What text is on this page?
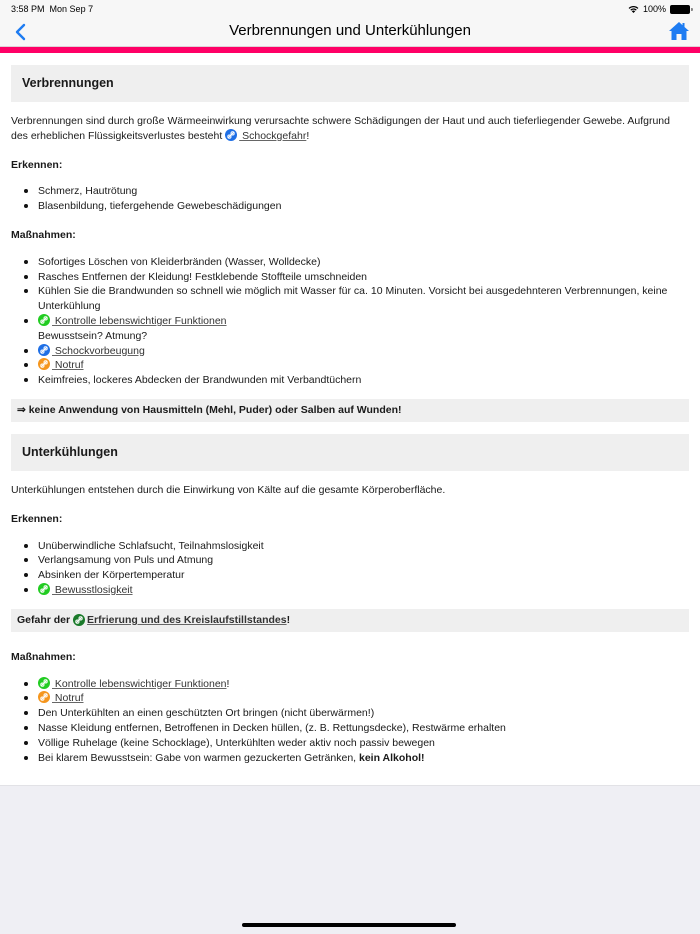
3:58 PM Mon Sep 7	100%
Verbrennungen und Unterkühlungen
Verbrennungen

Verbrennungen sind durch große Wärmeeinwirkung verursachte schwere Schädigungen der Haut und auch tieferliegender Gewebe. Aufgrund des erheblichen Flüssigkeitsverlustes besteht
Schockgefahr!

Erkennen:

Schmerz, Hautrötung
Blasenbildung, tiefergehende Gewebeschädigungen

Maßnahmen:

Sofortiges Löschen von Kleiderbränden (Wasser, Wolldecke)
Rasches Entfernen der Kleidung! Festklebende Stoffteile umschneiden
Kühlen Sie die Brandwunden so schnell wie möglich mit Wasser für ca. 10 Minuten. Vorsicht bei ausgedehnteren Verbrennungen, keine Unterkühlung
Kontrolle lebenswichtiger Funktionen
Bewusstsein? Atmung?
Schockvorbeugung
Notruf
Keimfreies, lockeres Abdecken der Brandwunden mit Verbandtüchern
⇒ keine Anwendung von Hausmitteln (Mehl, Puder) oder Salben auf Wunden!
Unterkühlungen

Unterkühlungen entstehen durch die Einwirkung von Kälte auf die gesamte Körperoberfläche.

Erkennen:

Unüberwindliche Schlafsucht, Teilnahmslosigkeit
Verlangsamung von Puls und Atmung
Absinken der Körpertemperatur
Bewusstlosigkeit
Gefahr der
Erfrierung und des Kreislaufstillstandes !

Maßnahmen:

Kontrolle lebenswichtiger Funktionen!
Notruf
Den Unterkühlten an einen geschützten Ort bringen (nicht überwärmen!)
Nasse Kleidung entfernen, Betroffenen in Decken hüllen, (z. B. Rettungsdecke), Restwärme erhalten
Völlige Ruhelage (keine Schocklage), Unterkühlten weder aktiv noch passiv bewegen
Bei klarem Bewusstsein: Gabe von warmen gezuckerten Getränken, kein Alkohol!
